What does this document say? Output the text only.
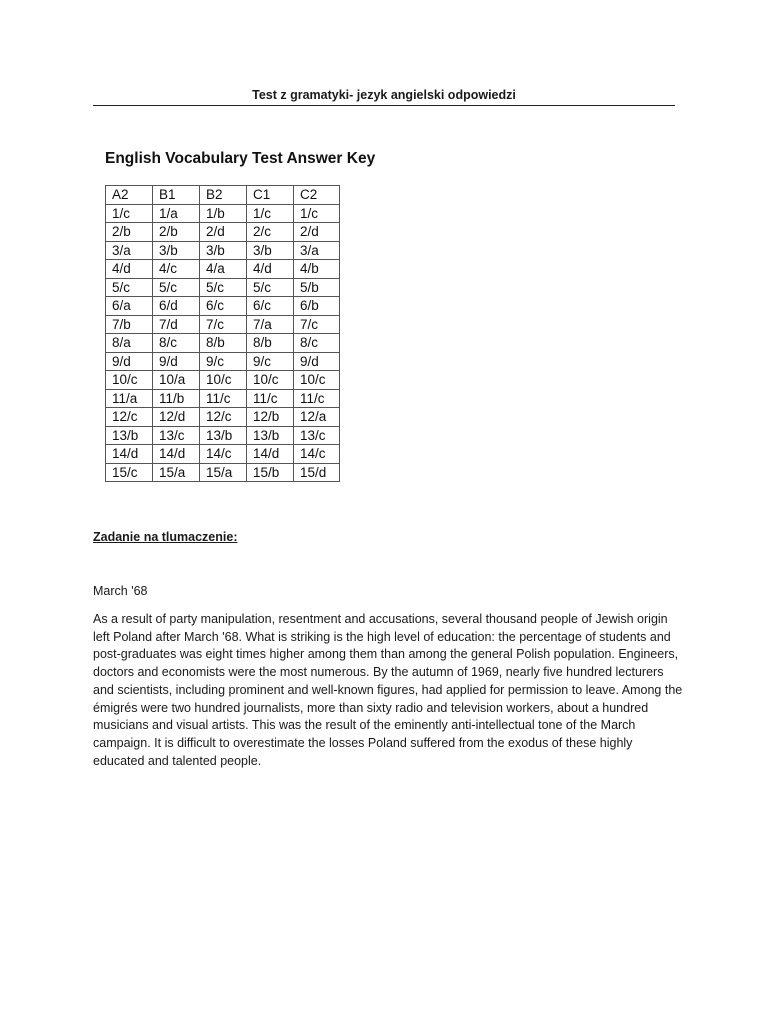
Test z gramatyki- jezyk angielski odpowiedzi
English Vocabulary Test Answer Key
A2	B1	B2	C1	C2
1/c	1/a	1/b	1/c	1/c
2/b	2/b	2/d	2/c	2/d
3/a	3/b	3/b	3/b	3/a
4/d	4/c	4/a	4/d	4/b
5/c	5/c	5/c	5/c	5/b
6/a	6/d	6/c	6/c	6/b
7/b	7/d	7/c	7/a	7/c
8/a	8/c	8/b	8/b	8/c
9/d	9/d	9/c	9/c	9/d
10/c	10/a	10/c	10/c	10/c
11/a	11/b	11/c	11/c	11/c
12/c	12/d	12/c	12/b	12/a
13/b	13/c	13/b	13/b	13/c
14/d	14/d	14/c	14/d	14/c
15/c	15/a	15/a	15/b	15/d
Zadanie na tlumaczenie:
March '68

As a result of party manipulation, resentment and accusations, several thousand people of Jewish origin left Poland after March '68. What is striking is the high level of education: the percentage of students and post-graduates was eight times higher among them than among the general Polish population. Engineers, doctors and economists were the most numerous. By the autumn of 1969, nearly five hundred lecturers and scientists, including prominent and well-known figures, had applied for permission to leave. Among the émigrés were two hundred journalists, more than sixty radio and television workers, about a hundred musicians and visual artists. This was the result of the eminently anti-intellectual tone of the March campaign. It is difficult to overestimate the losses Poland suffered from the exodus of these highly educated and talented people.
